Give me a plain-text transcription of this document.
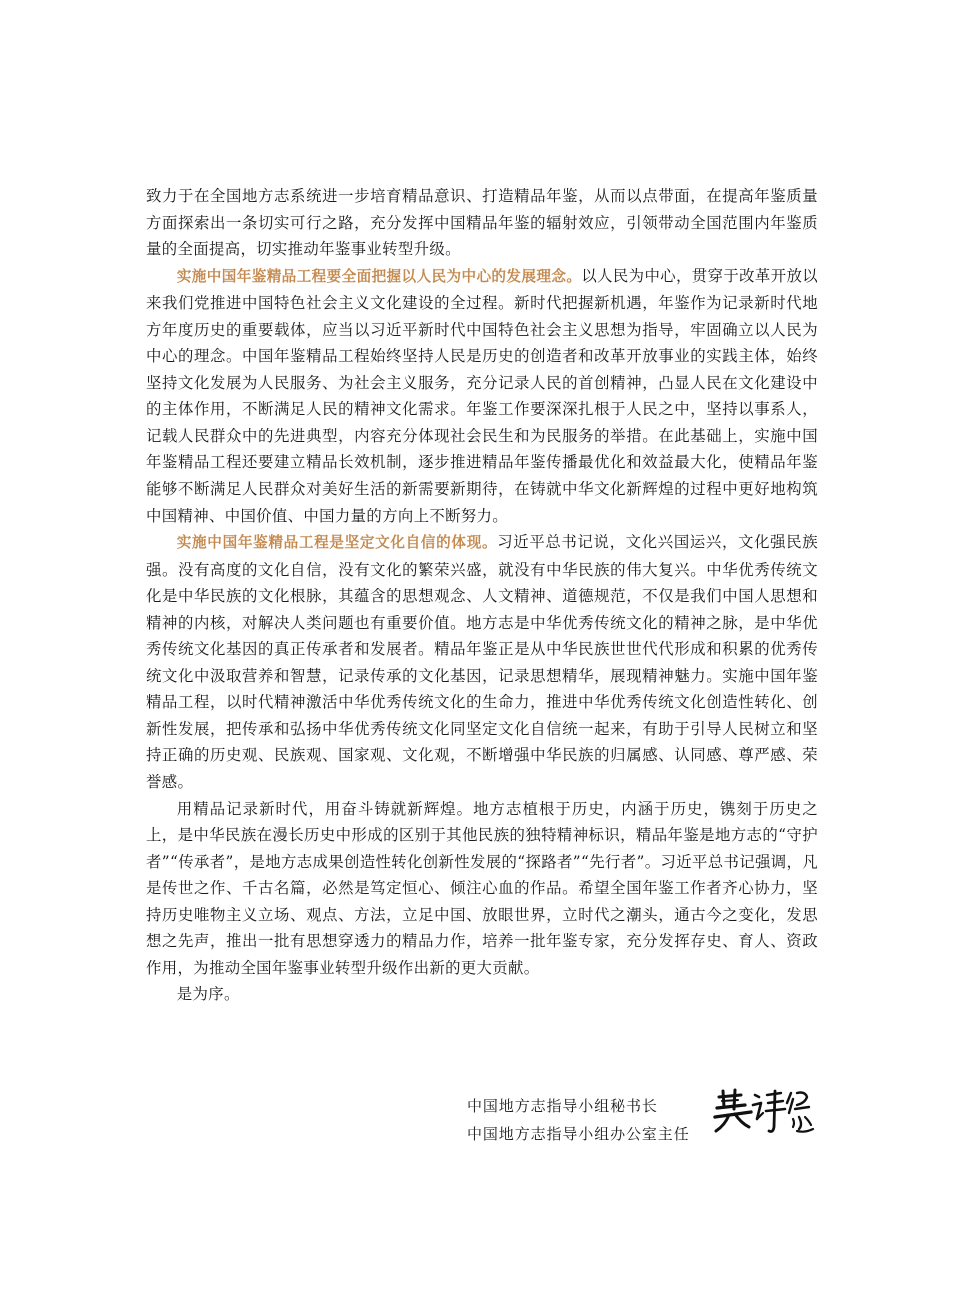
致力于在全国地方志系统进一步培育精品意识、打造精品年鉴，从而以点带面，在提高年鉴质量方面探索出一条切实可行之路，充分发挥中国精品年鉴的辐射效应，引领带动全国范围内年鉴质量的全面提高，切实推动年鉴事业转型升级。

实施中国年鉴精品工程要全面把握以人民为中心的发展理念。以人民为中心，贯穿于改革开放以来我们党推进中国特色社会主义文化建设的全过程。新时代把握新机遇，年鉴作为记录新时代地方年度历史的重要载体，应当以习近平新时代中国特色社会主义思想为指导，牢固确立以人民为中心的理念。中国年鉴精品工程始终坚持人民是历史的创造者和改革开放事业的实践主体，始终坚持文化发展为人民服务、为社会主义服务，充分记录人民的首创精神，凸显人民在文化建设中的主体作用，不断满足人民的精神文化需求。年鉴工作要深深扎根于人民之中，坚持以事系人，记载人民群众中的先进典型，内容充分体现社会民生和为民服务的举措。在此基础上，实施中国年鉴精品工程还要建立精品长效机制，逐步推进精品年鉴传播最优化和效益最大化，使精品年鉴能够不断满足人民群众对美好生活的新需要新期待，在铸就中华文化新辉煌的过程中更好地构筑中国精神、中国价值、中国力量的方向上不断努力。

实施中国年鉴精品工程是坚定文化自信的体现。习近平总书记说，文化兴国运兴，文化强民族强。没有高度的文化自信，没有文化的繁荣兴盛，就没有中华民族的伟大复兴。中华优秀传统文化是中华民族的文化根脉，其蕴含的思想观念、人文精神、道德规范，不仅是我们中国人思想和精神的内核，对解决人类问题也有重要价值。地方志是中华优秀传统文化的精神之脉，是中华优秀传统文化基因的真正传承者和发展者。精品年鉴正是从中华民族世世代代形成和积累的优秀传统文化中汲取营养和智慧，记录传承的文化基因，记录思想精华，展现精神魅力。实施中国年鉴精品工程，以时代精神激活中华优秀传统文化的生命力，推进中华优秀传统文化创造性转化、创新性发展，把传承和弘扬中华优秀传统文化同坚定文化自信统一起来，有助于引导人民树立和坚持正确的历史观、民族观、国家观、文化观，不断增强中华民族的归属感、认同感、尊严感、荣誉感。

用精品记录新时代，用奋斗铸就新辉煌。地方志植根于历史，内涵于历史，镌刻于历史之上，是中华民族在漫长历史中形成的区别于其他民族的独特精神标识，精品年鉴是地方志的“守护者”“传承者”，是地方志成果创造性转化创新性发展的“探路者”“先行者”。习近平总书记强调，凡是传世之作、千古名篇，必然是笃定恒心、倾注心血的作品。希望全国年鉴工作者齐心协力，坚持历史唯物主义立场、观点、方法，立足中国、放眼世界，立时代之潮头，通古今之变化，发思想之先声，推出一批有思想穿透力的精品力作，培养一批年鉴专家，充分发挥存史、育人、资政作用，为推动全国年鉴事业转型升级作出新的更大贡献。

是为序。

中国地方志指导小组秘书长
中国地方志指导小组办公室主任
